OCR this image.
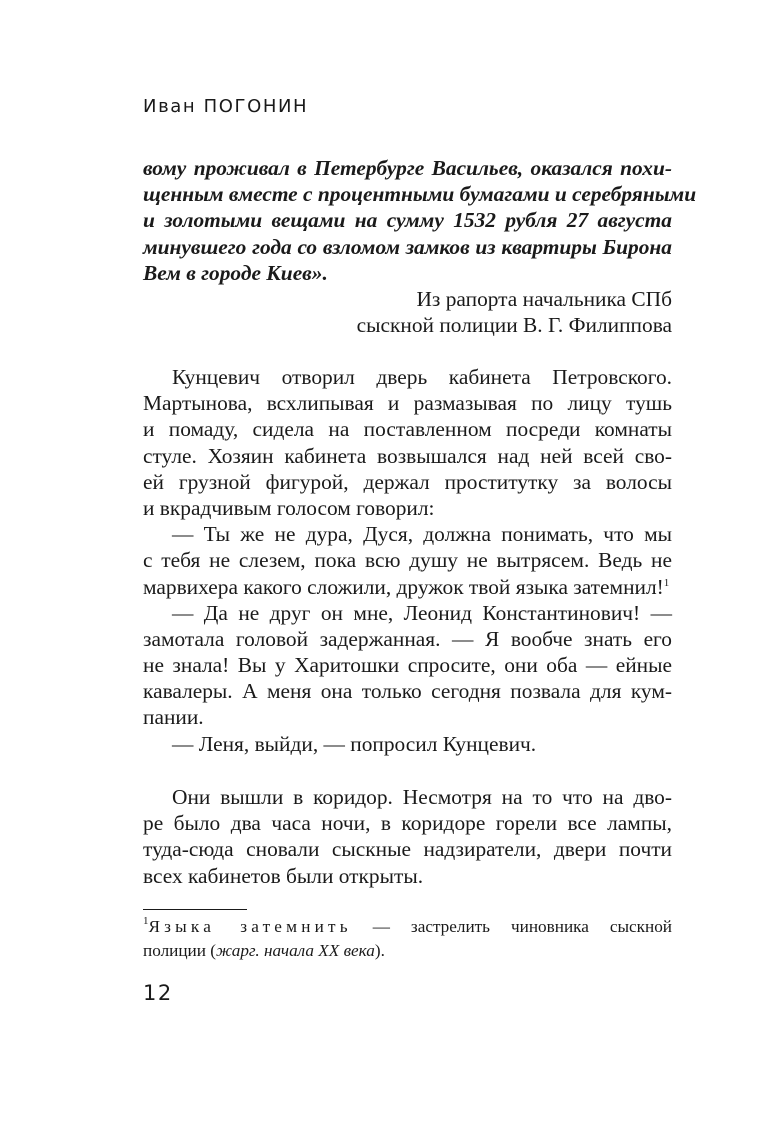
Иван ПОГОНИН
вому проживал в Петербурге Васильев, оказался похи-
щенным вместе с процентными бумагами и серебряными
и золотыми вещами на сумму 1532 рубля 27 августа
минувшего года со взломом замков из квартиры Бирона
Вем в городе Киев».
Из рапорта начальника СПб
сыскной полиции В. Г. Филиппова
Кунцевич отворил дверь кабинета Петровского.
Мартынова, всхлипывая и размазывая по лицу тушь
и помаду, сидела на поставленном посреди комнаты
стуле. Хозяин кабинета возвышался над ней всей сво-
ей грузной фигурой, держал проститутку за волосы
и вкрадчивым голосом говорил:
— Ты же не дура, Дуся, должна понимать, что мы
с тебя не слезем, пока всю душу не вытрясем. Ведь не
марвихера какого сложили, дружок твой языка затемнил!$^1$
— Да не друг он мне, Леонид Константинович! —
замотала головой задержанная. — Я вообче знать его
не знала! Вы у Харитошки спросите, они оба — ейные
кавалеры. А меня она только сегодня позвала для кум-
пании.
— Леня, выйди, — попросил Кунцевич.
Они вышли в коридор. Несмотря на то что на дво-
ре было два часа ночи, в коридоре горели все лампы,
туда-сюда сновали сыскные надзиратели, двери почти
всех кабинетов были открыты.
$^1$Языка затемнить — застрелить чиновника сыскной
полиции (жарг. начала XX века).
12
